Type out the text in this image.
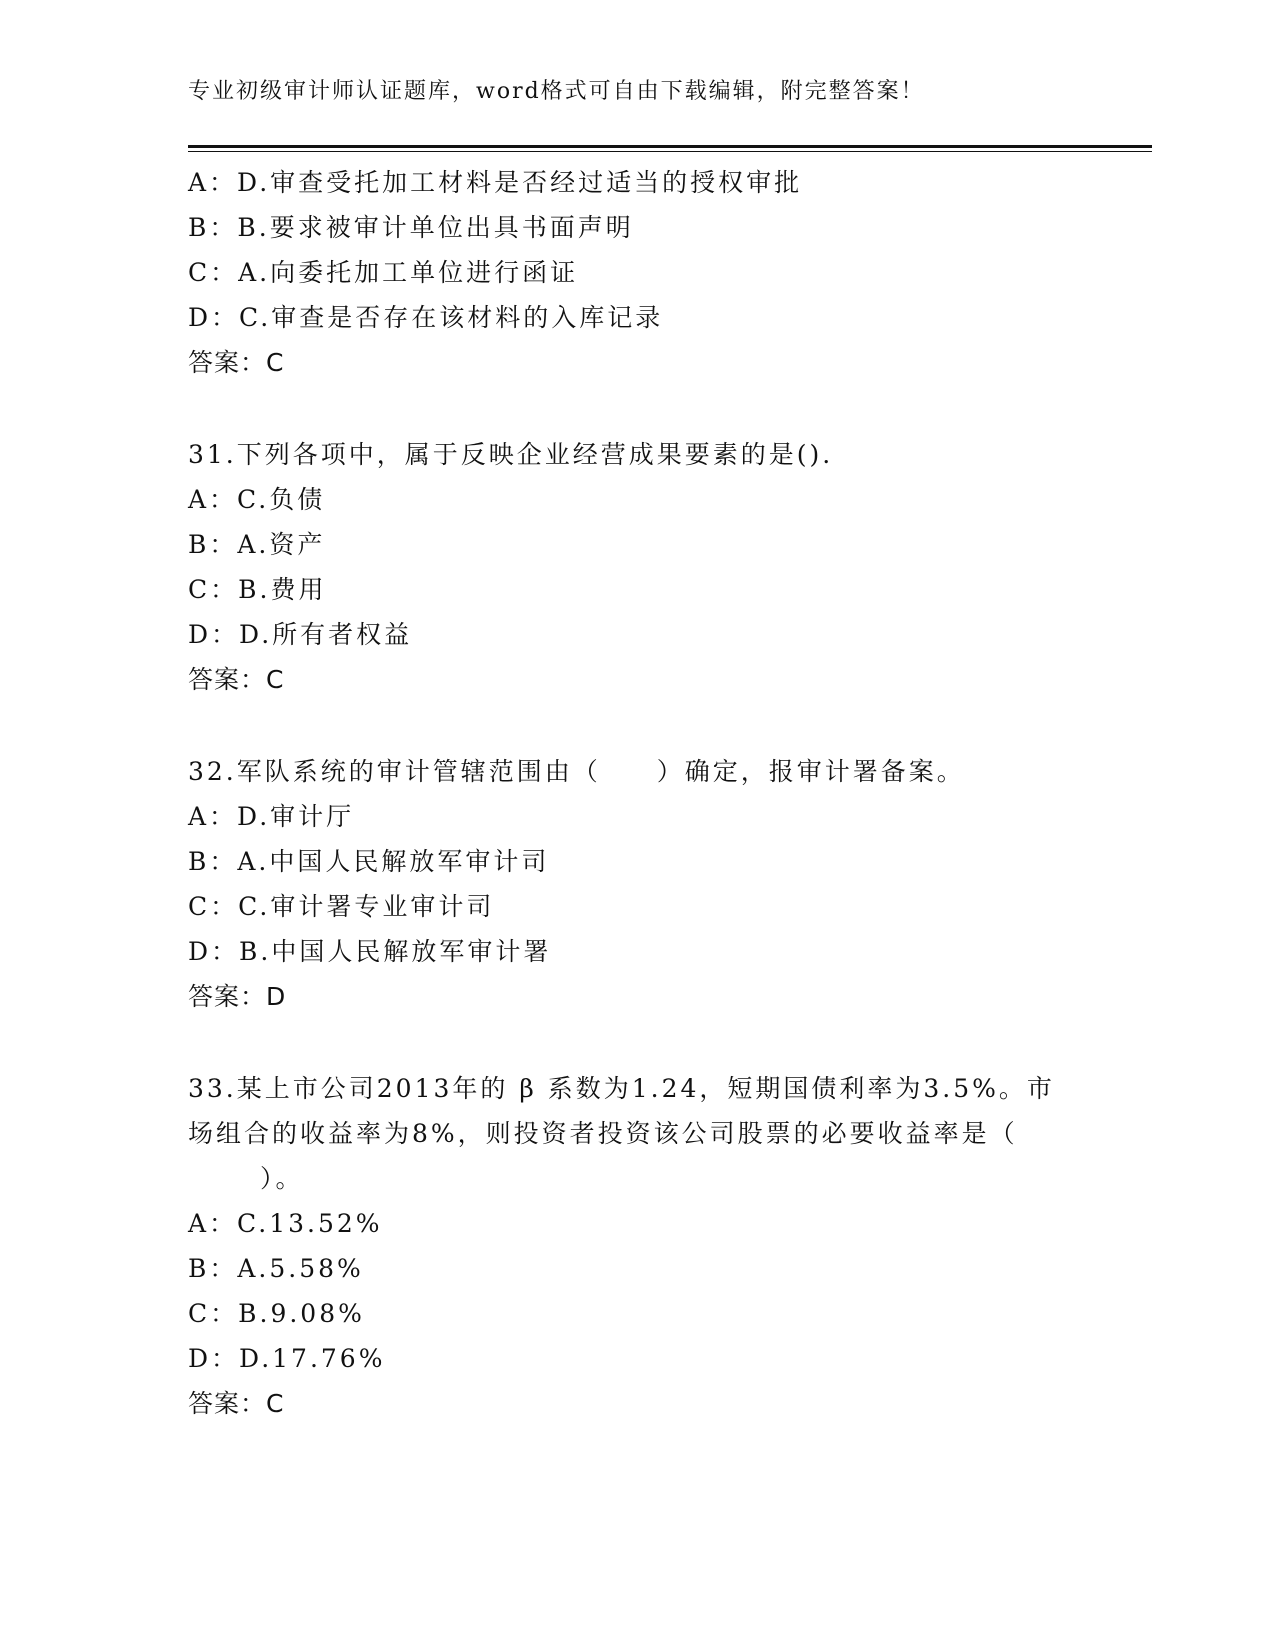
专业初级审计师认证题库，word格式可自由下载编辑，附完整答案！
A：D.审查受托加工材料是否经过适当的授权审批
B：B.要求被审计单位出具书面声明
C：A.向委托加工单位进行函证
D：C.审查是否存在该材料的入库记录
答案：C
31.下列各项中，属于反映企业经营成果要素的是().
A：C.负债
B：A.资产
C：B.费用
D：D.所有者权益
答案：C
32.军队系统的审计管辖范围由（　　）确定，报审计署备案。
A：D.审计厅
B：A.中国人民解放军审计司
C：C.审计署专业审计司
D：B.中国人民解放军审计署
答案：D
33.某上市公司2013年的 β 系数为1.24，短期国债利率为3.5%。市
场组合的收益率为8%，则投资者投资该公司股票的必要收益率是（
）。
A：C.13.52%
B：A.5.58%
C：B.9.08%
D：D.17.76%
答案：C
